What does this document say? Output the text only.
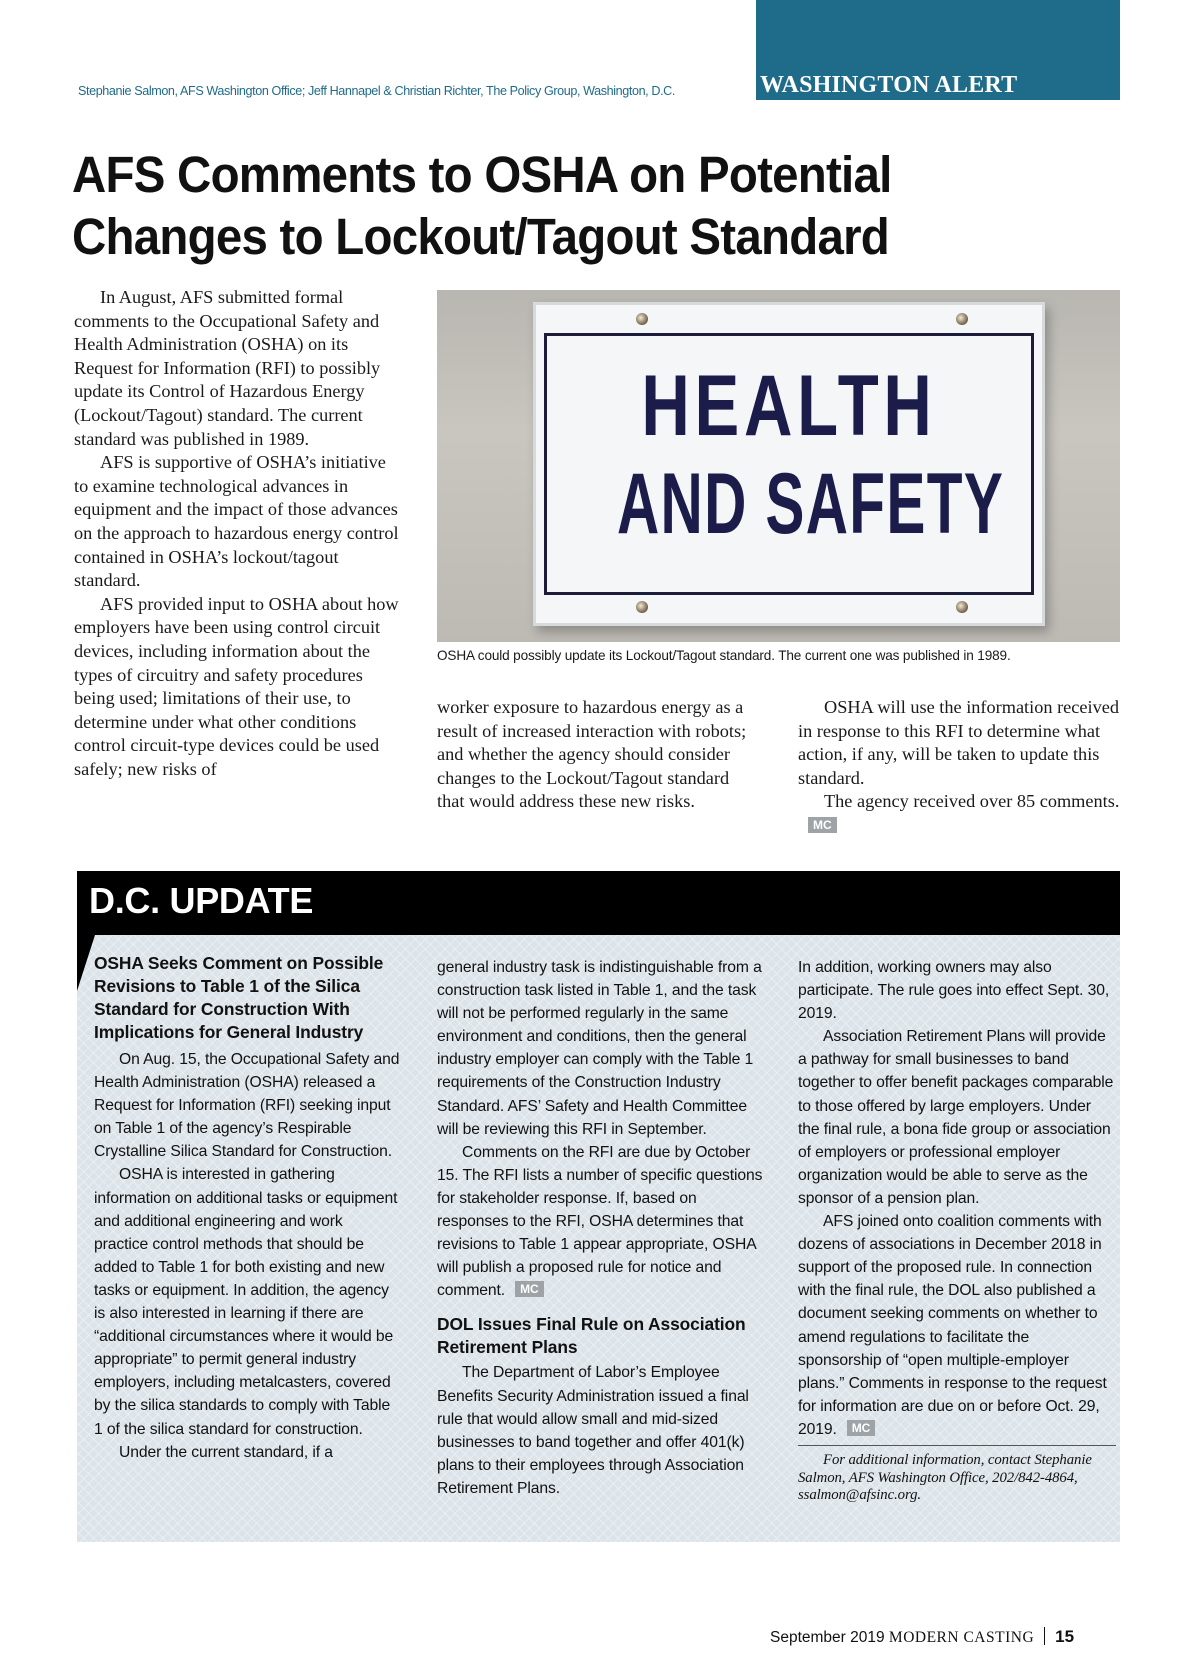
WASHINGTON ALERT
Stephanie Salmon, AFS Washington Office; Jeff Hannapel & Christian Richter, The Policy Group, Washington, D.C.
AFS Comments to OSHA on Potential
Changes to Lockout/Tagout Standard

In August, AFS submitted formal comments to the Occupational Safety and Health Administration (OSHA) on its Request for Information (RFI) to possibly update its Control of Hazardous Energy (Lockout/Tagout) standard. The current standard was published in 1989.

AFS is supportive of OSHA’s initiative to examine technological advances in equipment and the impact of those advances on the approach to hazardous energy control contained in OSHA’s lockout/tagout standard.

AFS provided input to OSHA about how employers have been using control circuit devices, including information about the types of circuitry and safety procedures being used; limitations of their use, to determine under what other conditions control circuit-type devices could be used safely; new risks of

HEALTH
AND SAFETY
OSHA could possibly update its Lockout/Tagout standard. The current one was published in 1989.

worker exposure to hazardous energy as a result of increased interaction with robots; and whether the agency should consider changes to the Lockout/Tagout standard that would address these new risks.

OSHA will use the information received in response to this RFI to determine what action, if any, will be taken to update this standard.

The agency received over 85 comments.MC

D.C. UPDATE

OSHA Seeks Comment on Possible Revisions to Table 1 of the Silica Standard for Construction With Implications for General Industry

On Aug. 15, the Occupational Safety and Health Administration (OSHA) released a Request for Information (RFI) seeking input on Table 1 of the agency’s Respirable Crystalline Silica Standard for Construction.

OSHA is interested in gathering information on additional tasks or equipment and additional engineering and work practice control methods that should be added to Table 1 for both existing and new tasks or equipment. In addition, the agency is also interested in learning if there are “additional circumstances where it would be appropriate” to permit general industry employers, including metalcasters, covered by the silica standards to comply with Table 1 of the silica standard for construction.

Under the current standard, if a

general industry task is indistinguishable from a construction task listed in Table 1, and the task will not be performed regularly in the same environment and conditions, then the general industry employer can comply with the Table 1 requirements of the Construction Industry Standard. AFS’ Safety and Health Committee will be reviewing this RFI in September.

Comments on the RFI are due by October 15. The RFI lists a number of specific questions for stakeholder response. If, based on responses to the RFI, OSHA determines that revisions to Table 1 appear appropriate, OSHA will publish a proposed rule for notice and comment. MC

DOL Issues Final Rule on Association Retirement Plans

The Department of Labor’s Employee Benefits Security Administration issued a final rule that would allow small and mid-sized businesses to band together and offer 401(k) plans to their employees through Association Retirement Plans.

In addition, working owners may also participate. The rule goes into effect Sept. 30, 2019.

Association Retirement Plans will provide a pathway for small businesses to band together to offer benefit packages comparable to those offered by large employers. Under the final rule, a bona fide group or association of employers or professional employer organization would be able to serve as the sponsor of a pension plan.

AFS joined onto coalition comments with dozens of associations in December 2018 in support of the proposed rule. In connection with the final rule, the DOL also published a document seeking comments on whether to amend regulations to facilitate the sponsorship of “open multiple-employer plans.” Comments in response to the request for information are due on or before Oct. 29, 2019. MC

For additional information, contact Stephanie Salmon, AFS Washington Office, 202/842-4864, ssalmon@afsinc.org.

September 2019 MODERN CASTING 15
